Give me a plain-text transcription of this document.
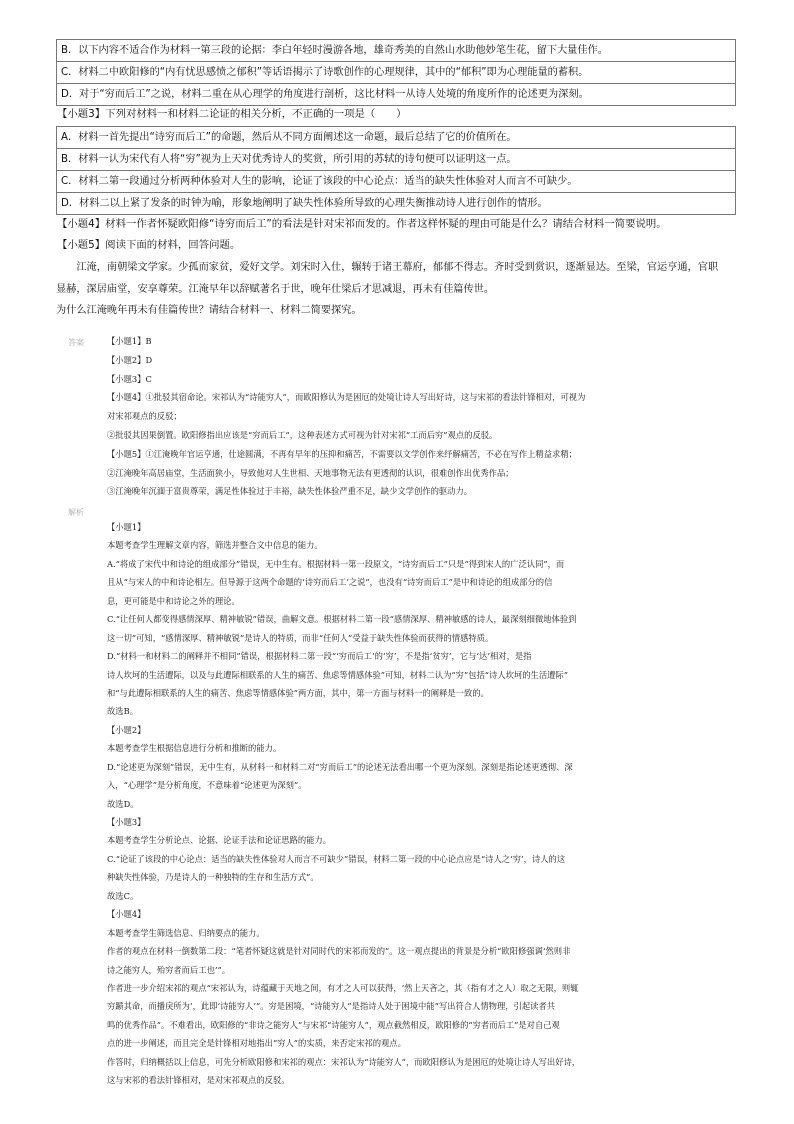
B．以下内容不适合作为材料一第三段的论据：李白年轻时漫游各地，雄奇秀美的自然山水助他妙笔生花，留下大量佳作。
C．材料二中欧阳修的“内有忧思感愤之郁积”等话语揭示了诗歌创作的心理规律，其中的“郁积”即为心理能量的蓄积。
D．对于“穷而后工”之说，材料二重在从心理学的角度进行剖析，这比材料一从诗人处境的角度所作的论述更为深刻。
【小题3】下列对材料一和材料二论证的相关分析，不正确的一项是（　　）
A．材料一首先提出“诗穷而后工”的命题，然后从不同方面阐述这一命题，最后总结了它的价值所在。
B．材料一认为宋代有人将“穷”视为上天对优秀诗人的奖赏，所引用的苏轼的诗句便可以证明这一点。
C．材料二第一段通过分析两种体验对人生的影响，论证了该段的中心论点：适当的缺失性体验对人而言不可缺少。
D．材料二以上紧了发条的时钟为喻，形象地阐明了缺失性体验所导致的心理失衡推动诗人进行创作的情形。
【小题4】材料一作者怀疑欧阳修“诗穷而后工”的看法是针对宋祁而发的。作者这样怀疑的理由可能是什么？请结合材料一简要说明。
【小题5】阅读下面的材料，回答问题。
　　江淹，南朝梁文学家。少孤而家贫，爱好文学。刘宋时入仕，辗转于诸王幕府，郁郁不得志。齐时受到赏识，逐渐显达。至梁，官运亨通，官职
显赫，深居庙堂，安享尊荣。江淹早年以辞赋著名于世，晚年仕梁后才思减退，再未有佳篇传世。
为什么江淹晚年再未有佳篇传世？请结合材料一、材料二简要探究。
答案	【小题1】B
【小题2】D
【小题3】C
【小题4】①批驳其宿命论。宋祁认为“诗能穷人”，而欧阳修认为是困厄的处境让诗人写出好诗，这与宋祁的看法针锋相对，可视为
对宋祁观点的反驳；
②批驳其因果倒置。欧阳修指出应该是“穷而后工”，这种表述方式可视为针对宋祁“工而后穷”观点的反驳。
【小题5】①江淹晚年官运亨通，仕途圆满，不再有早年的压抑和痛苦，不需要以文学创作来纾解痛苦，不必在写作上精益求精；
②江淹晚年高居庙堂，生活面狭小，导致他对人生世相、天地事物无法有更透彻的认识，很难创作出优秀作品；
③江淹晚年沉湎于富贵尊荣，满足性体验过于丰裕，缺失性体验严重不足，缺少文学创作的驱动力。
解析
【小题1】
本题考查学生理解文章内容，筛选并整合文中信息的能力。
A.“将成了宋代中和诗论的组成部分”错误，无中生有。根据材料一第一段原文，“诗穷而后工”只是“得到宋人的广泛认同”，而
且从“与宋人的中和诗论相左。但导源于这两个命题的‘诗穷而后工’之说”，也没有“诗穷而后工”是中和诗论的组成部分的信
息，更可能是中和诗论之外的理论。
C.“让任何人都变得感情深厚、精神敏锐”错误，曲解文意。根据材料二第一段“感情深厚、精神敏感的诗人，最深刻细微地体验到
这一切”可知，“感情深厚、精神敏锐”是诗人的特质，而非“任何人”受益于缺失性体验而获得的情感特质。
D.“材料一和材料二的阐释并不相同”错误，根据材料二第一段“‘穷而后工’的‘穷’，不是指‘贫穷’，它与‘达’相对，是指
诗人坎坷的生活遭际，以及与此遭际相联系的人生的痛苦、焦虑等情感体验”可知，材料二认为“穷”包括“诗人坎坷的生活遭际”
和“与此遭际相联系的人生的痛苦、焦虑等情感体验”两方面，其中，第一方面与材料一的阐释是一致的。
故选B。
【小题2】
本题考查学生根据信息进行分析和推断的能力。
D.“论述更为深刻”错误，无中生有，从材料一和材料二对“穷而后工”的论述无法看出哪一个更为深刻。深刻是指论述更透彻、深
入，“心理学”是分析角度，不意味着“论述更为深刻”。
故选D。
【小题3】
本题考查学生分析论点、论据、论证手法和论证思路的能力。
C.“论证了该段的中心论点：适当的缺失性体验对人而言不可缺少”错误，材料二第一段的中心论点应是“诗人之‘穷’，诗人的这
种缺失性体验，乃是诗人的一种独特的生存和生活方式”。
故选C。
【小题4】
本题考查学生筛选信息、归纳要点的能力。
作者的观点在材料一倒数第二段：“笔者怀疑这就是针对同时代的宋祁而发的”。这一观点提出的背景是分析“欧阳修强调‘然则非
诗之能穷人，殆穷者而后工也’”。
作者进一步介绍宋祁的观点“宋祁认为，诗蕴藏于天地之间，有才之人可以获得，‘然上天吝之，其（指有才之人）取之无限，则辄
穷踬其命，而播戾所为’，此即‘诗能穷人’”。穷是困境，“诗能穷人”是指诗人处于困境中能“写出符合人情物理，引起读者共
鸣的优秀作品”。不难看出，欧阳修的“非诗之能穷人”与宋祁“诗能穷人”，观点截然相反，欧阳修的“穷者而后工”是对自己观
点的进一步阐述，而且完全是针锋相对地指出“穷人”的实质，来否定宋祁的观点。
作答时，归纳概括以上信息，可先分析欧阳修和宋祁的观点：宋祁认为“诗能穷人”，而欧阳修认为是困厄的处境让诗人写出好诗，
这与宋祁的看法针锋相对，是对宋祁观点的反驳。
